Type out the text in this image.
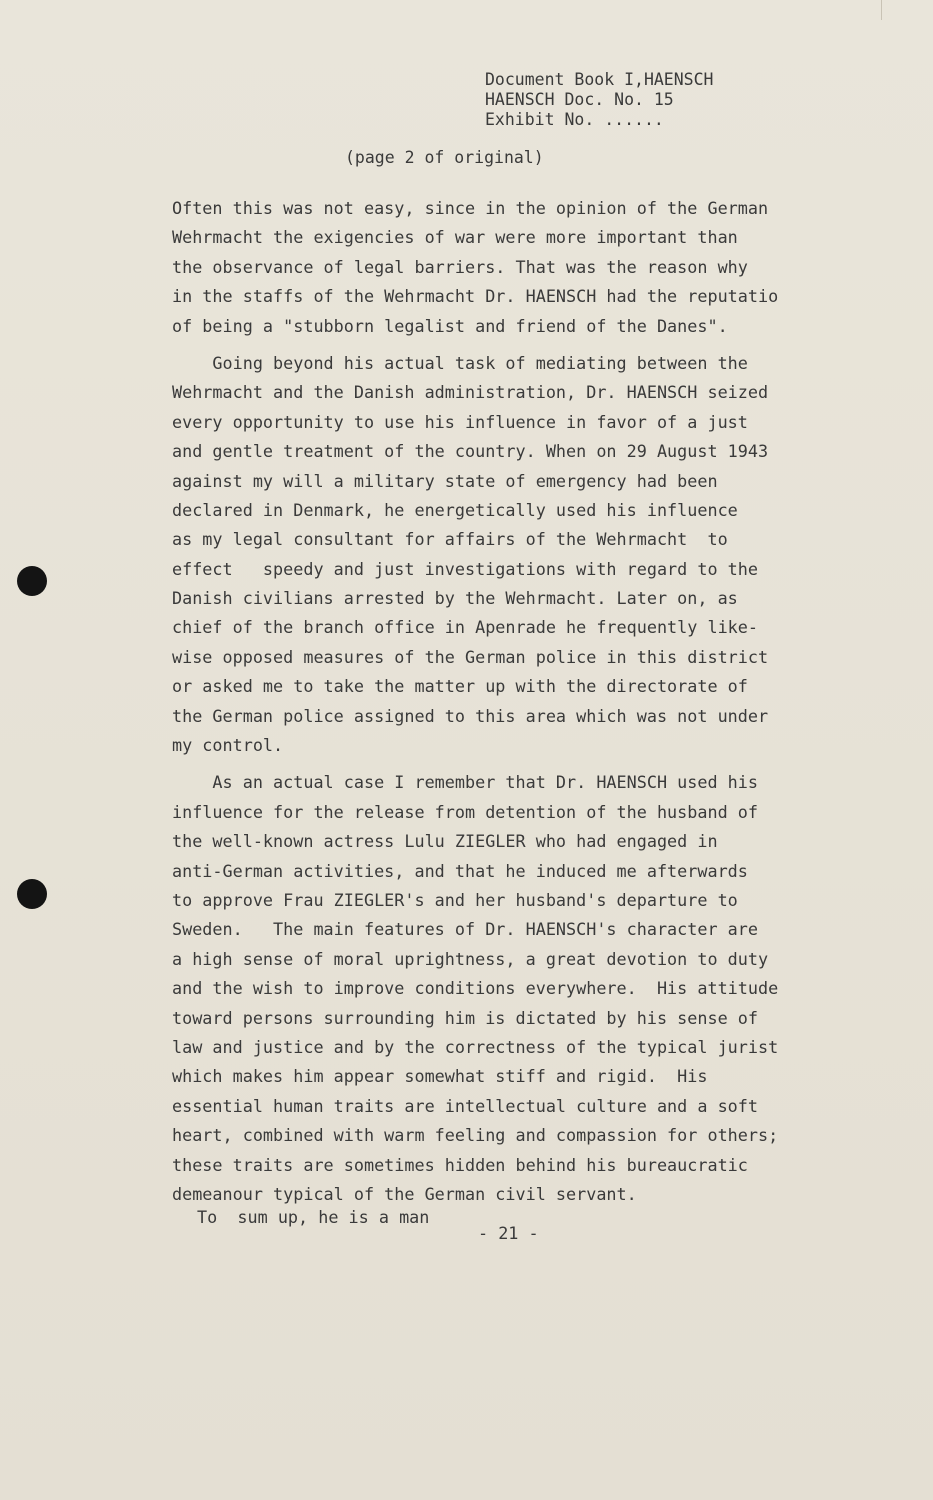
Document Book I,HAENSCH
HAENSCH Doc. No. 15
Exhibit No. ......
(page 2 of original)
Often this was not easy, since in the opinion of the German
Wehrmacht the exigencies of war were more important than
the observance of legal barriers. That was the reason why
in the staffs of the Wehrmacht Dr. HAENSCH had the reputatio
of being a "stubborn legalist and friend of the Danes".
Going beyond his actual task of mediating between the
Wehrmacht and the Danish administration, Dr. HAENSCH seized
every opportunity to use his influence in favor of a just
and gentle treatment of the country. When on 29 August 1943
against my will a military state of emergency had been
declared in Denmark, he energetically used his influence
as my legal consultant for affairs of the Wehrmacht  to
effect   speedy and just investigations with regard to the
Danish civilians arrested by the Wehrmacht. Later on, as
chief of the branch office in Apenrade he frequently like-
wise opposed measures of the German police in this district
or asked me to take the matter up with the directorate of
the German police assigned to this area which was not under
my control.
As an actual case I remember that Dr. HAENSCH used his
influence for the release from detention of the husband of
the well-known actress Lulu ZIEGLER who had engaged in
anti-German activities, and that he induced me afterwards
to approve Frau ZIEGLER's and her husband's departure to
Sweden.   The main features of Dr. HAENSCH's character are
a high sense of moral uprightness, a great devotion to duty
and the wish to improve conditions everywhere.  His attitude
toward persons surrounding him is dictated by his sense of
law and justice and by the correctness of the typical jurist
which makes him appear somewhat stiff and rigid.  His
essential human traits are intellectual culture and a soft
heart, combined with warm feeling and compassion for others;
these traits are sometimes hidden behind his bureaucratic
demeanour typical of the German civil servant.
To  sum up, he is a man
- 21 -
